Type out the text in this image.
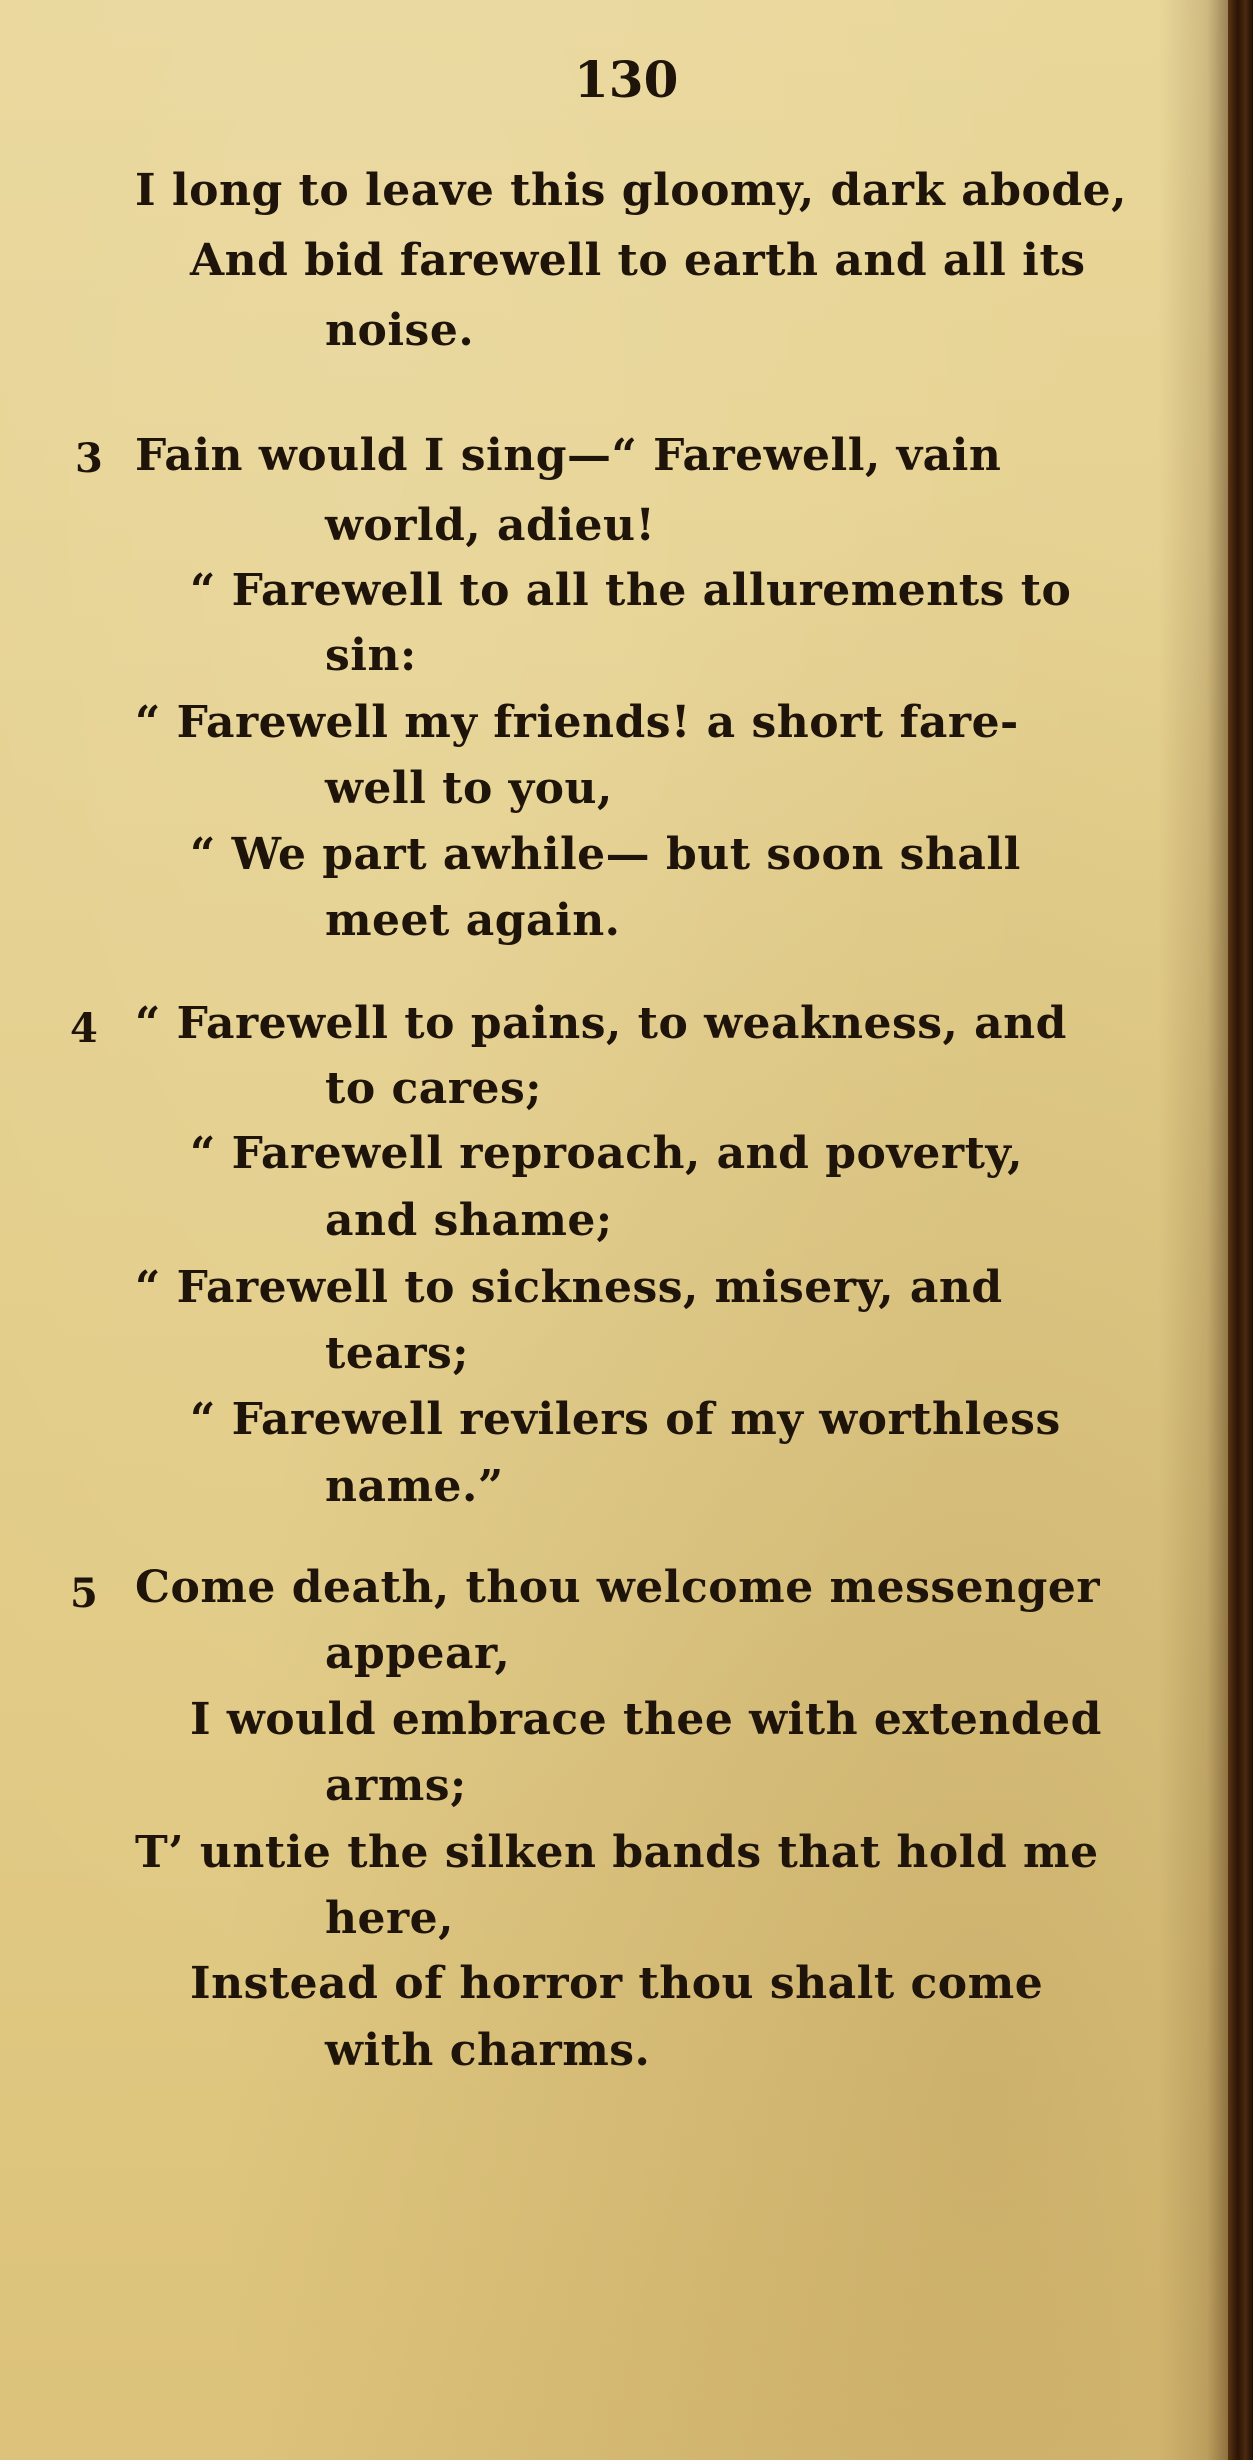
130
I long to leave this gloomy, dark abode,
And bid farewell to earth and all its
noise.
3 Fain would I sing—“ Farewell, vain
world, adieu!
“ Farewell to all the allurements to
sin:
“ Farewell my friends! a short fare-
well to you,
“ We part awhile— but soon shall
meet again.
4 “ Farewell to pains, to weakness, and
to cares;
“ Farewell reproach, and poverty,
and shame;
“ Farewell to sickness, misery, and
tears;
“ Farewell revilers of my worthless
name.”
5 Come death, thou welcome messenger
appear,
I would embrace thee with extended
arms;
T’ untie the silken bands that hold me
here,
Instead of horror thou shalt come
with charms.
